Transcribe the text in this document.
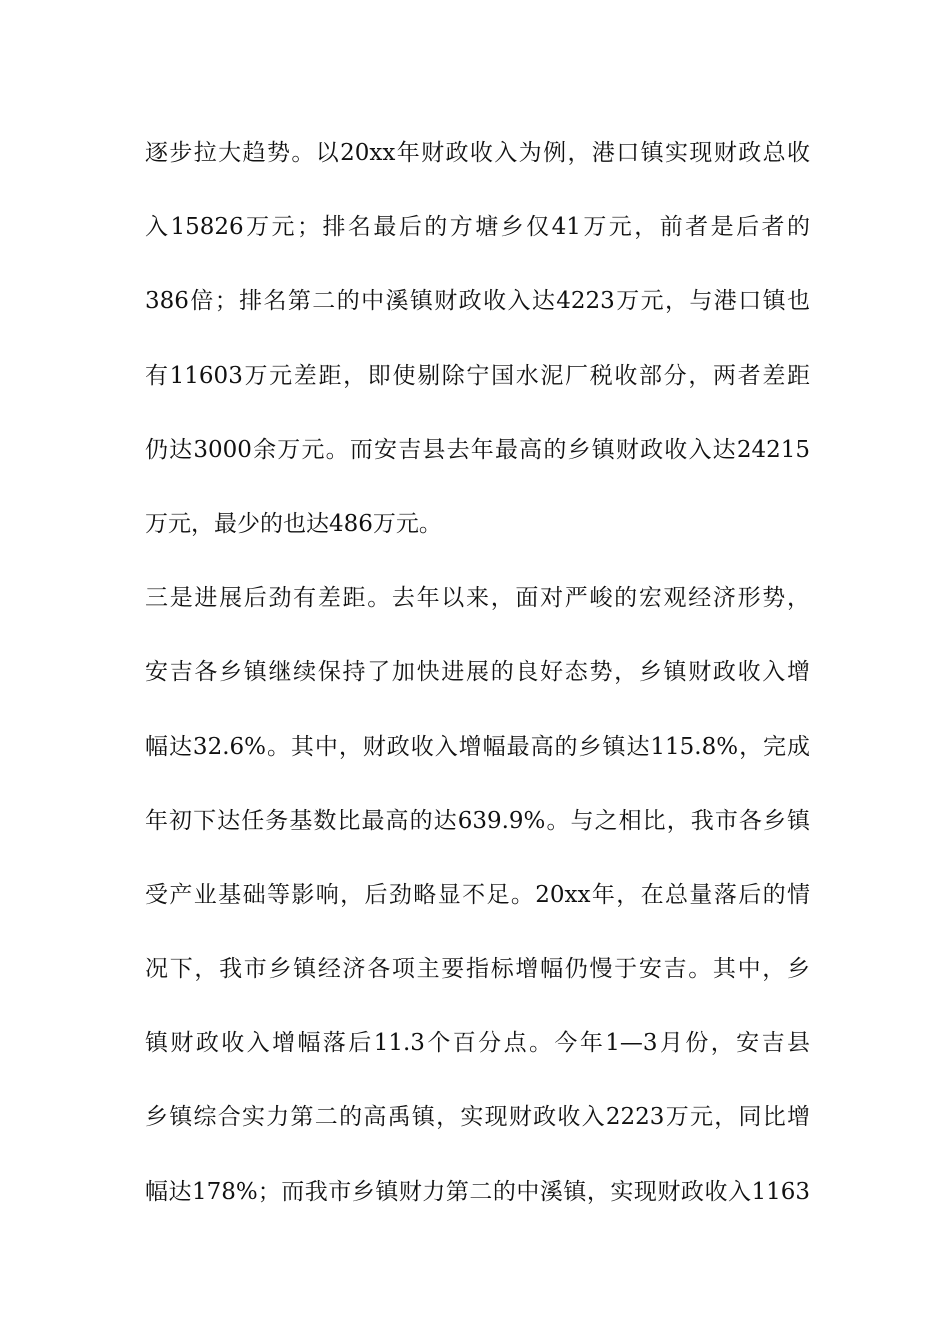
逐步拉大趋势。以20xx年财政收入为例，港口镇实现财政总收
入15826万元；排名最后的方塘乡仅41万元，前者是后者的
386倍；排名第二的中溪镇财政收入达4223万元，与港口镇也
有11603万元差距，即使剔除宁国水泥厂税收部分，两者差距
仍达3000余万元。而安吉县去年最高的乡镇财政收入达24215
万元，最少的也达486万元。
三是进展后劲有差距。去年以来，面对严峻的宏观经济形势，
安吉各乡镇继续保持了加快进展的良好态势，乡镇财政收入增
幅达32.6%。其中，财政收入增幅最高的乡镇达115.8%，完成
年初下达任务基数比最高的达639.9%。与之相比，我市各乡镇
受产业基础等影响，后劲略显不足。20xx年，在总量落后的情
况下，我市乡镇经济各项主要指标增幅仍慢于安吉。其中，乡
镇财政收入增幅落后11.3个百分点。今年1—3月份，安吉县
乡镇综合实力第二的高禹镇，实现财政收入2223万元，同比增
幅达178%；而我市乡镇财力第二的中溪镇，实现财政收入1163
